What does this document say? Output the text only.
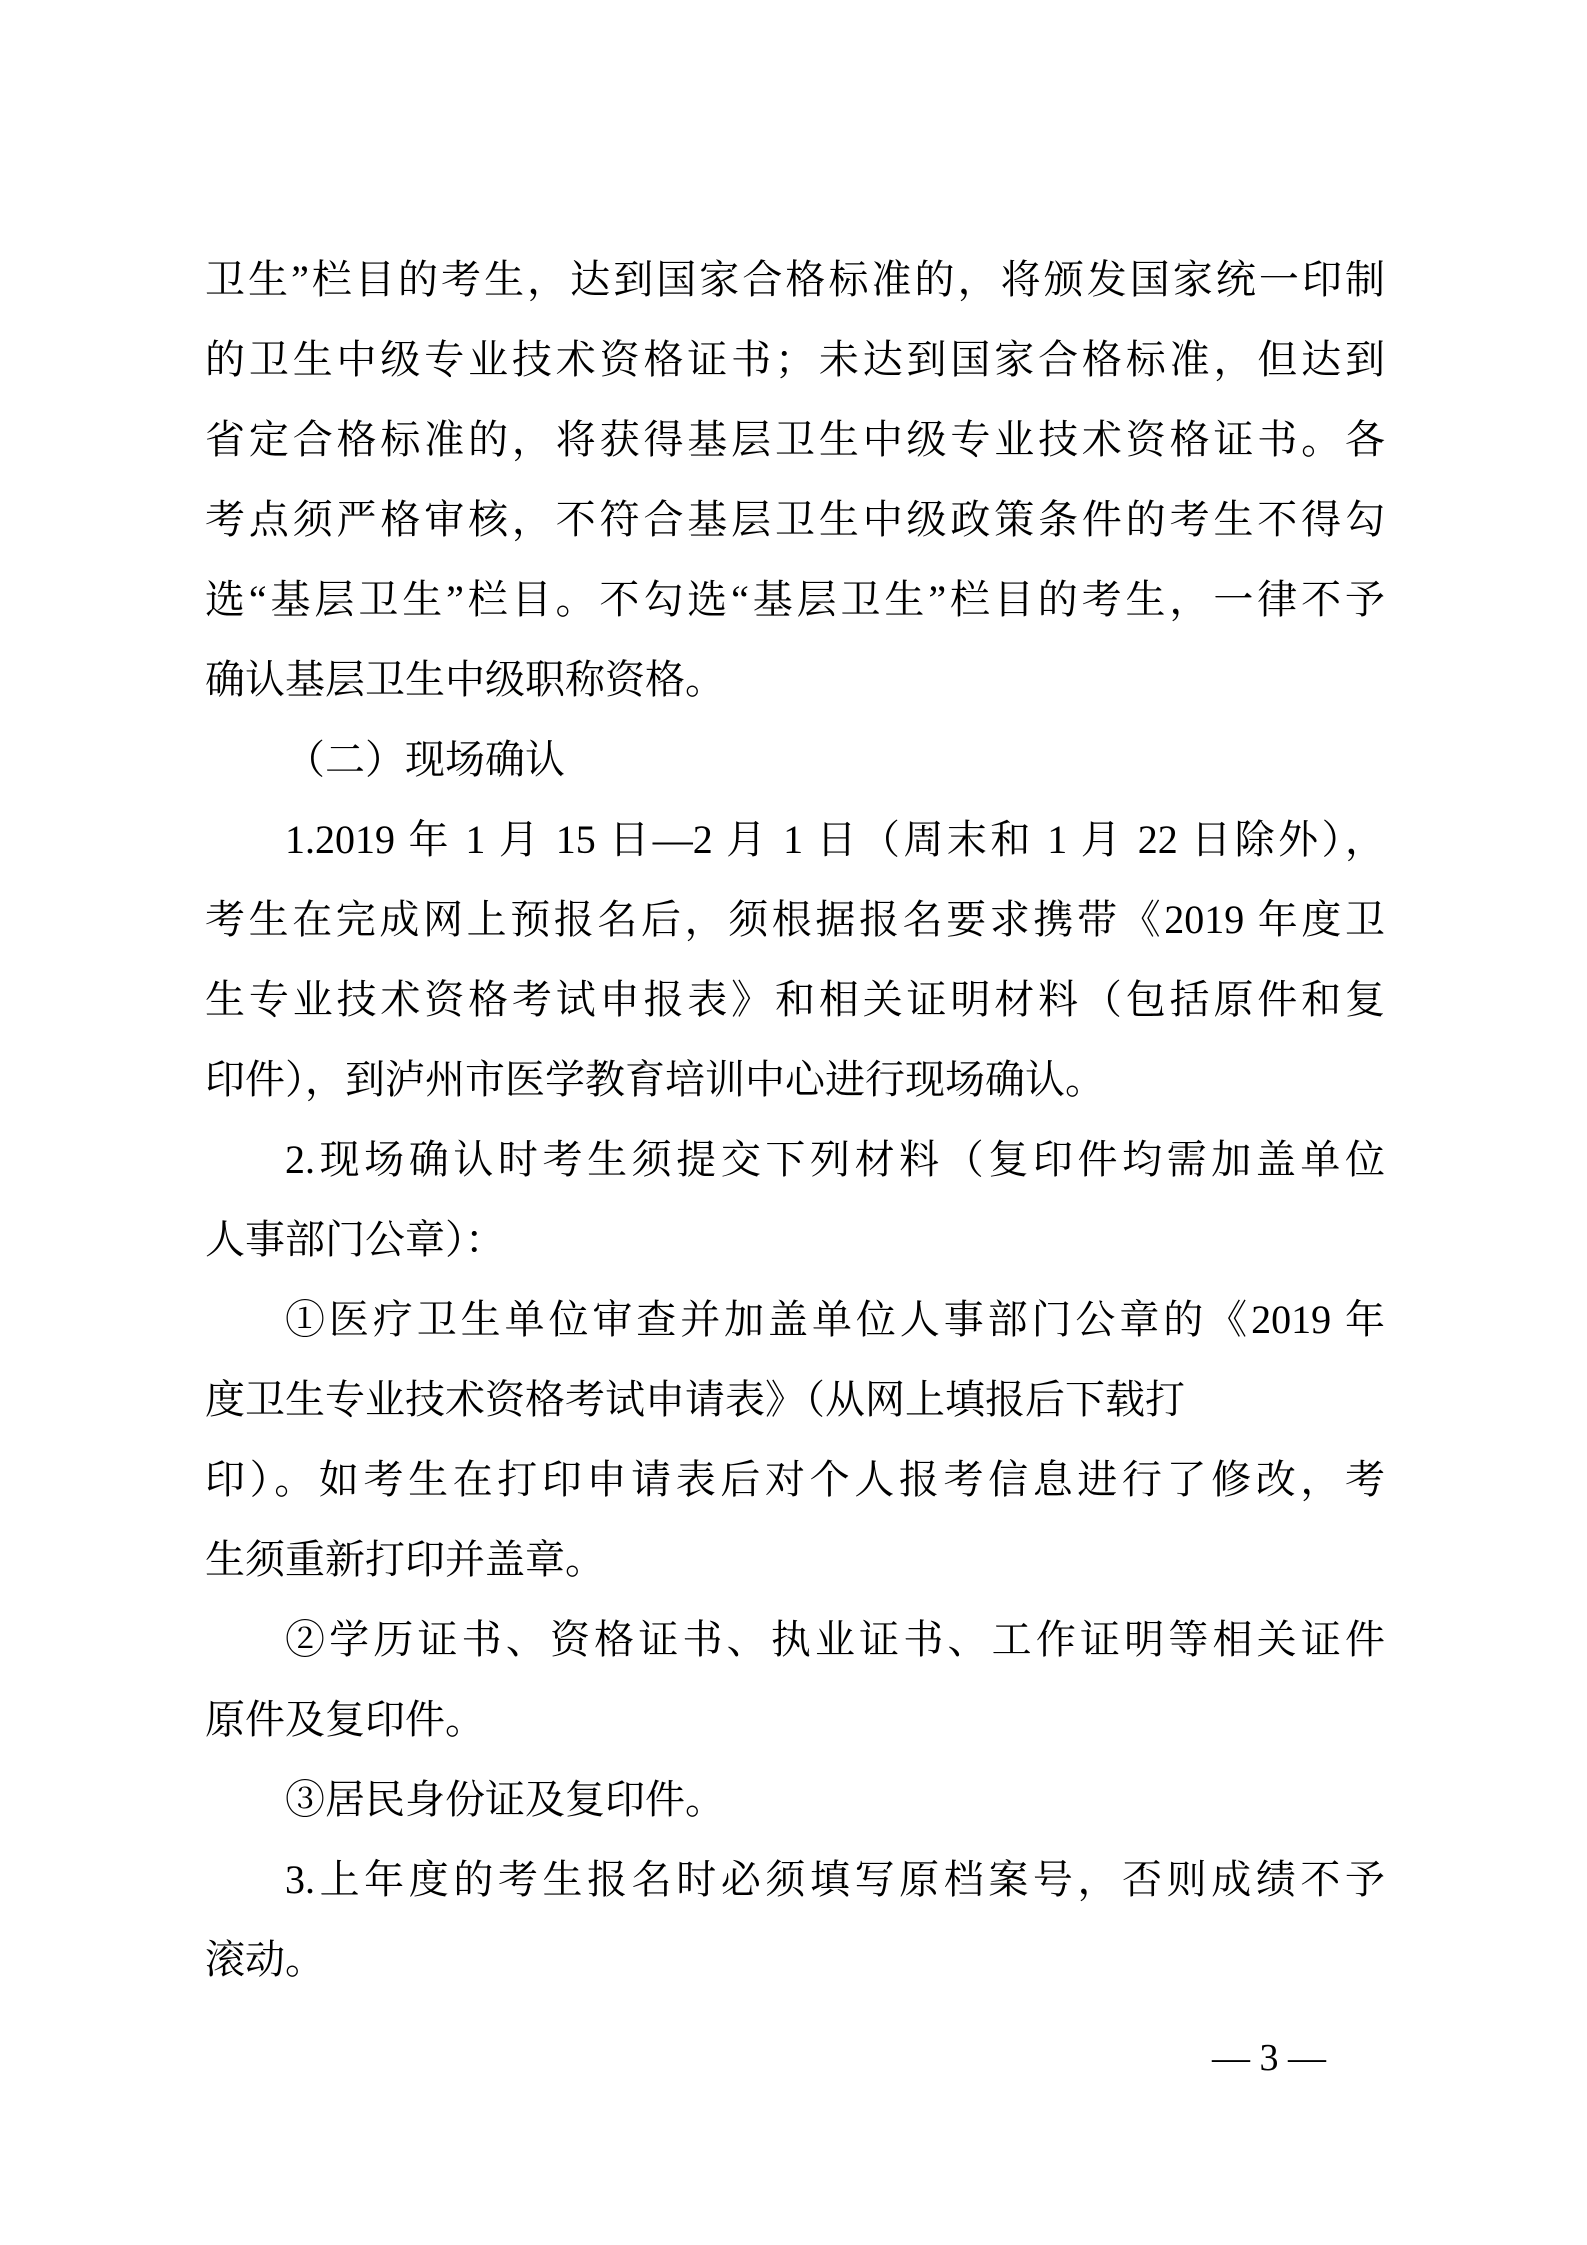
卫生”栏目的考生，达到国家合格标准的，将颁发国家统一印制
的卫生中级专业技术资格证书；未达到国家合格标准，但达到
省定合格标准的，将获得基层卫生中级专业技术资格证书。各
考点须严格审核，不符合基层卫生中级政策条件的考生不得勾
选“基层卫生”栏目。不勾选“基层卫生”栏目的考生，一律不予
确认基层卫生中级职称资格。
（二）现场确认
1.2019 年 1 月 15 日—2 月 1 日（周末和 1 月 22 日除外），
考生在完成网上预报名后，须根据报名要求携带《2019 年度卫
生专业技术资格考试申报表》和相关证明材料（包括原件和复
印件），到泸州市医学教育培训中心进行现场确认。
2.现场确认时考生须提交下列材料（复印件均需加盖单位
人事部门公章）：
①医疗卫生单位审查并加盖单位人事部门公章的《2019 年
度卫生专业技术资格考试申请表》（从网上填报后下载打
印）。如考生在打印申请表后对个人报考信息进行了修改，考
生须重新打印并盖章。
②学历证书、资格证书、执业证书、工作证明等相关证件
原件及复印件。
③居民身份证及复印件。
3.上年度的考生报名时必须填写原档案号，否则成绩不予
滚动。
— 3 —
